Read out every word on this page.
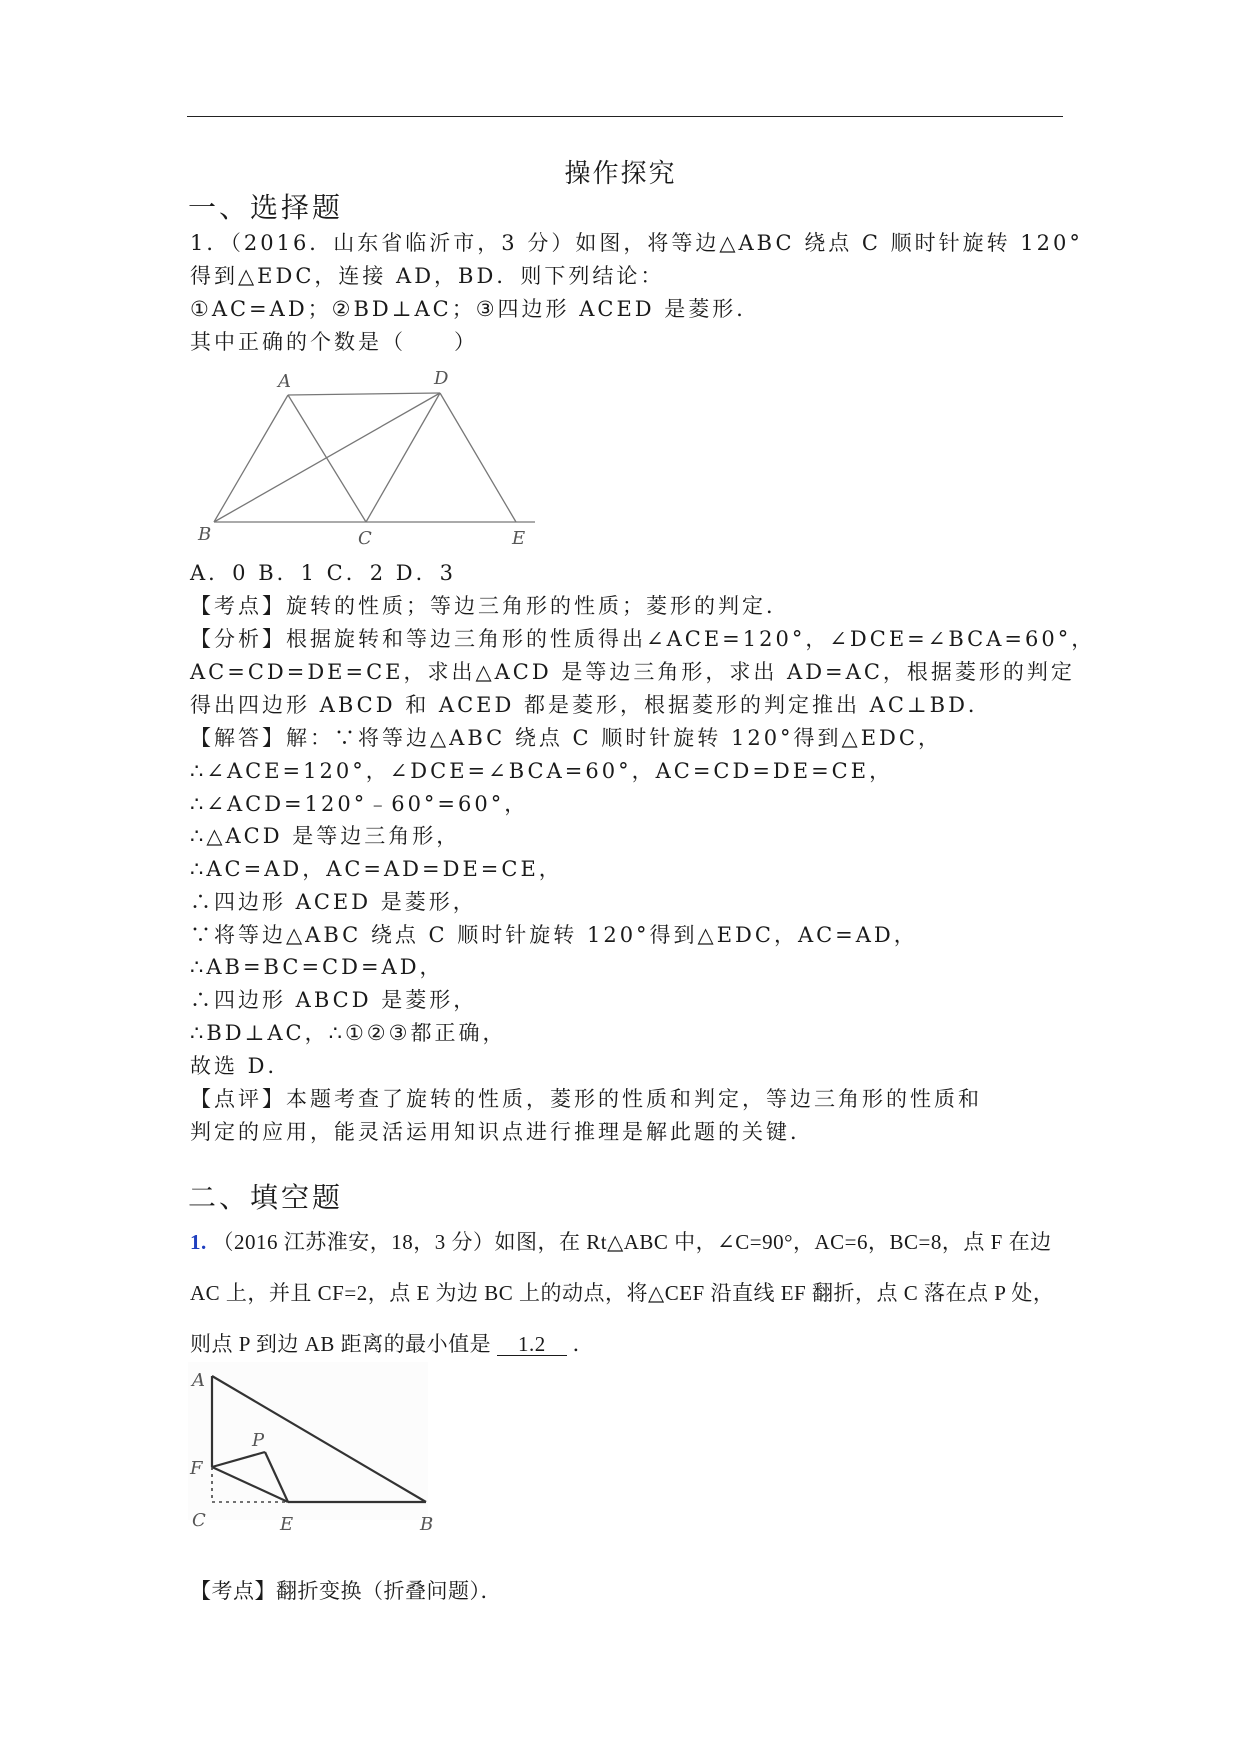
操作探究
一、选择题
1．（2016．山东省临沂市，3 分）如图，将等边△ABC 绕点 C 顺时针旋转 120°
得到△EDC，连接 AD，BD．则下列结论：
①AC=AD；②BD⊥AC；③四边形 ACED 是菱形．
其中正确的个数是（　　）
A	D
B	C	E
A．0 B．1 C．2 D．3
【考点】旋转的性质；等边三角形的性质；菱形的判定．
【分析】根据旋转和等边三角形的性质得出∠ACE=120°，∠DCE=∠BCA=60°，
AC=CD=DE=CE，求出△ACD 是等边三角形，求出 AD=AC，根据菱形的判定
得出四边形 ABCD 和 ACED 都是菱形，根据菱形的判定推出 AC⊥BD．
【解答】解：∵将等边△ABC 绕点 C 顺时针旋转 120°得到△EDC，
∴∠ACE=120°，∠DCE=∠BCA=60°，AC=CD=DE=CE，
∴∠ACD=120°﹣60°=60°，
∴△ACD 是等边三角形，
∴AC=AD，AC=AD=DE=CE，
∴四边形 ACED 是菱形，
∵将等边△ABC 绕点 C 顺时针旋转 120°得到△EDC，AC=AD，
∴AB=BC=CD=AD，
∴四边形 ABCD 是菱形，
∴BD⊥AC，∴①②③都正确，
故选 D．
【点评】本题考查了旋转的性质，菱形的性质和判定，等边三角形的性质和
判定的应用，能灵活运用知识点进行推理是解此题的关键．
二、填空题
1. （2016 江苏淮安，18，3 分）如图，在 Rt△ABC 中，∠C=90°，AC=6，BC=8，点 F 在边
AC 上，并且 CF=2，点 E 为边 BC 上的动点，将△CEF 沿直线 EF 翻折，点 C 落在点 P 处，
则点 P 到边 AB 距离的最小值是 1.2 ．
A
P
F
C	E	B
【考点】翻折变换（折叠问题）．
